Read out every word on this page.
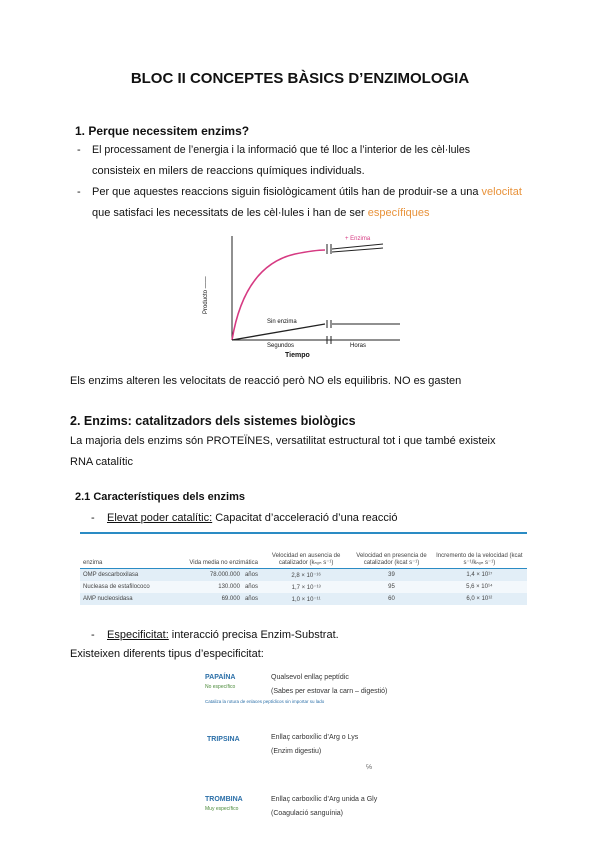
BLOC II CONCEPTES BÀSICS D’ENZIMOLOGIA
1. Perque necessitem enzims?
- El processament de l’energia i la informació que té lloc a l’interior de les cèl·lules
consisteix en milers de reaccions químiques individuals.
- Per que aquestes reaccions siguin fisiològicament útils han de produir-se a una velocitat
que satisfaci les necessitats de les cèl·lules i han de ser específiques
Producto ——
+ Enzima
Sin enzima
Segundos	Horas
Tiempo
Els enzims alteren les velocitats de reacció però NO els equilibris. NO es gasten
2. Enzims: catalitzadors dels sistemes biològics
La majoria dels enzims són PROTEÏNES, versatilitat estructural tot i que també existeix
RNA catalític
2.1 Característiques dels enzims
- Elevat poder catalític: Capacitat d’acceleració d’una reacció
enzima	Vida media no enzimática	Velocidad en ausencia de catalizador (kₙₒₙ s⁻¹)	Velocidad en presencia de catalizador (kcat s⁻¹)	Incremento de la velocidad (kcat s⁻¹/kₙₒₙ s⁻¹)
OMP descarboxilasa	78.000.000 años	2,8 × 10⁻¹⁶	39	1,4 × 10¹⁷
Nucleasa de estafilococo	130.000 años	1,7 × 10⁻¹³	95	5,6 × 10¹⁴
AMP nucleosidasa	69.000 años	1,0 × 10⁻¹¹	60	6,0 × 10¹²
- Especificitat: interacció precisa Enzim-Substrat.
Existeixen diferents tipus d’especificitat:
PAPAÍNA
No específico
Qualsevol enllaç peptídic
(Sabes per estovar la carn – digestió)
Cataliza la rotura de enlaces peptídicos sin importar su lado
TRIPSINA	Enllaç carboxílic d’Arg o Lys
(Enzim digestiu)
℅
TROMBINA
Muy específico
Enllaç carboxílic d’Arg unida a Gly
(Coagulació sanguínia)
